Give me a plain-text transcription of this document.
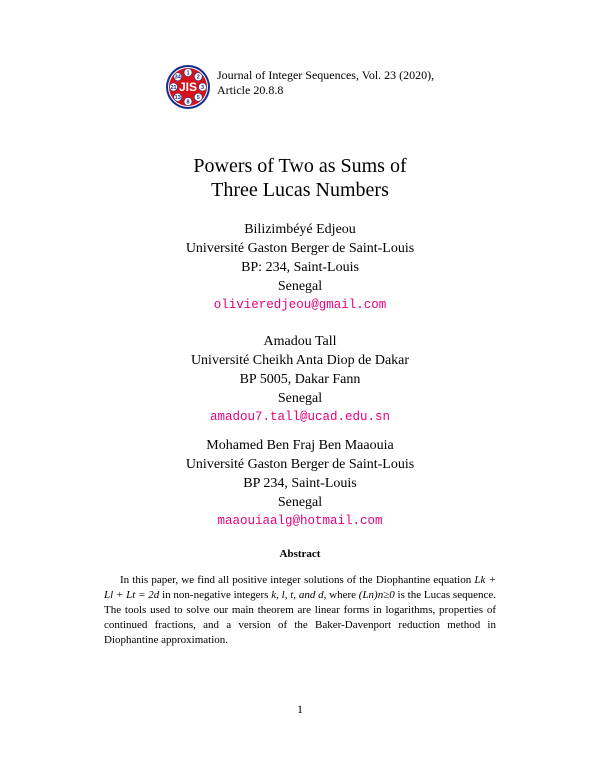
1
2
3
5
8
13
21
34
JIS
Journal of Integer Sequences, Vol. 23 (2020),
Article 20.8.8
Powers of Two as Sums of
Three Lucas Numbers
Bilizimbéyé Edjeou
Université Gaston Berger de Saint-Louis
BP: 234, Saint-Louis
Senegal
olivieredjeou@gmail.com
Amadou Tall
Université Cheikh Anta Diop de Dakar
BP 5005, Dakar Fann
Senegal
amadou7.tall@ucad.edu.sn
Mohamed Ben Fraj Ben Maaouia
Université Gaston Berger de Saint-Louis
BP 234, Saint-Louis
Senegal
maaouiaalg@hotmail.com
Abstract
In this paper, we find all positive integer solutions of the Diophantine equation Lk + Ll + Lt = 2d in non-negative integers k, l, t, and d, where (Ln)n≥0 is the Lucas sequence. The tools used to solve our main theorem are linear forms in logarithms, properties of continued fractions, and a version of the Baker-Davenport reduction method in Diophantine approximation.
1
